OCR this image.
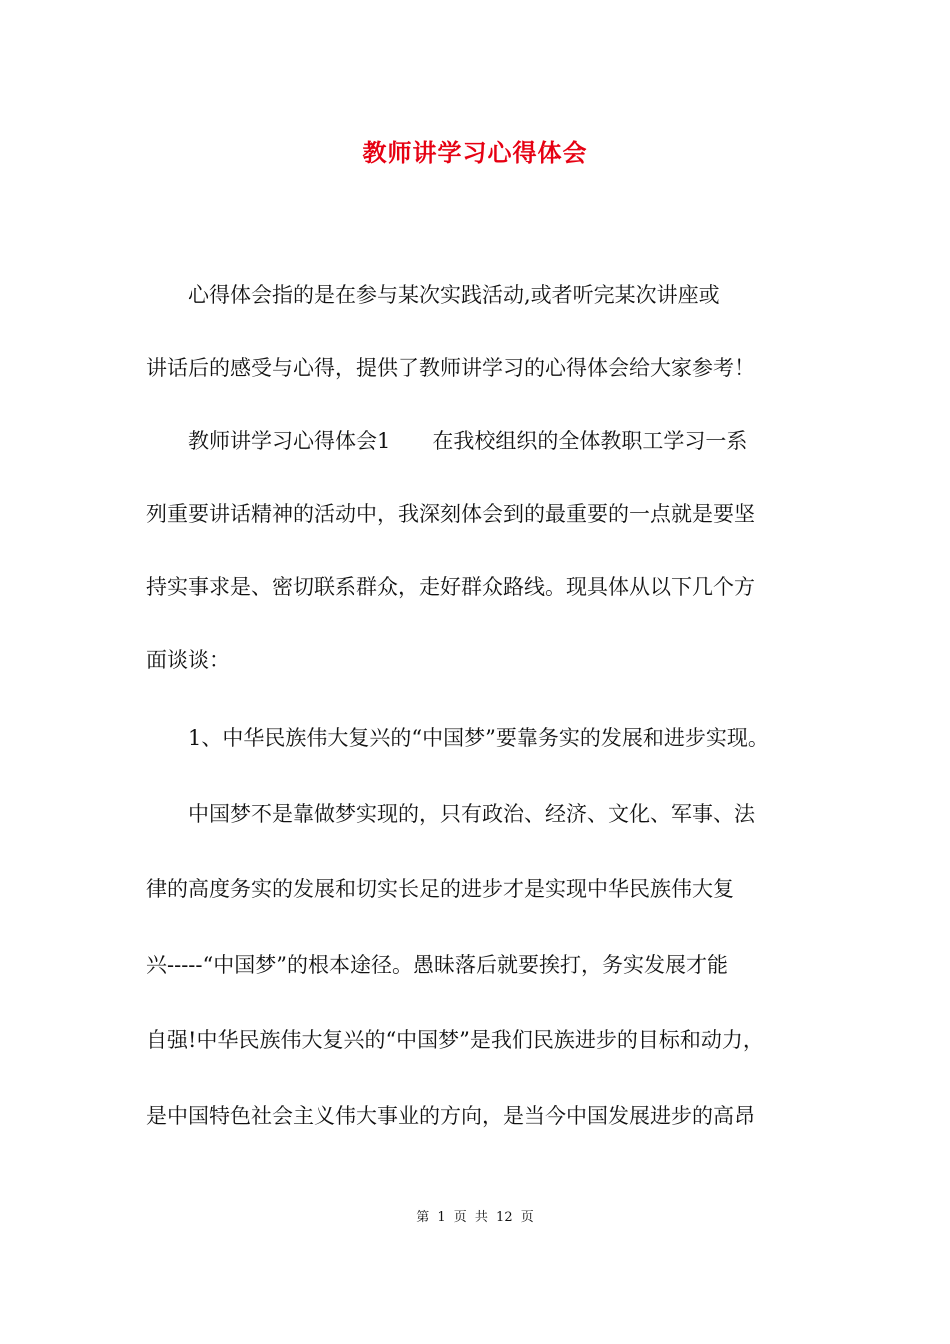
教师讲学习心得体会

　　心得体会指的是在参与某次实践活动,或者听完某次讲座或

讲话后的感受与心得，提供了教师讲学习的心得体会给大家参考！

　　教师讲学习心得体会1　　在我校组织的全体教职工学习一系

列重要讲话精神的活动中，我深刻体会到的最重要的一点就是要坚

持实事求是、密切联系群众，走好群众路线。现具体从以下几个方

面谈谈：

　　1、中华民族伟大复兴的“中国梦”要靠务实的发展和进步实现。

　　中国梦不是靠做梦实现的，只有政治、经济、文化、军事、法

律的高度务实的发展和切实长足的进步才是实现中华民族伟大复

兴-----“中国梦”的根本途径。愚昧落后就要挨打，务实发展才能

自强!中华民族伟大复兴的“中国梦”是我们民族进步的目标和动力，

是中国特色社会主义伟大事业的方向，是当今中国发展进步的高昂

第 1 页 共 12 页
